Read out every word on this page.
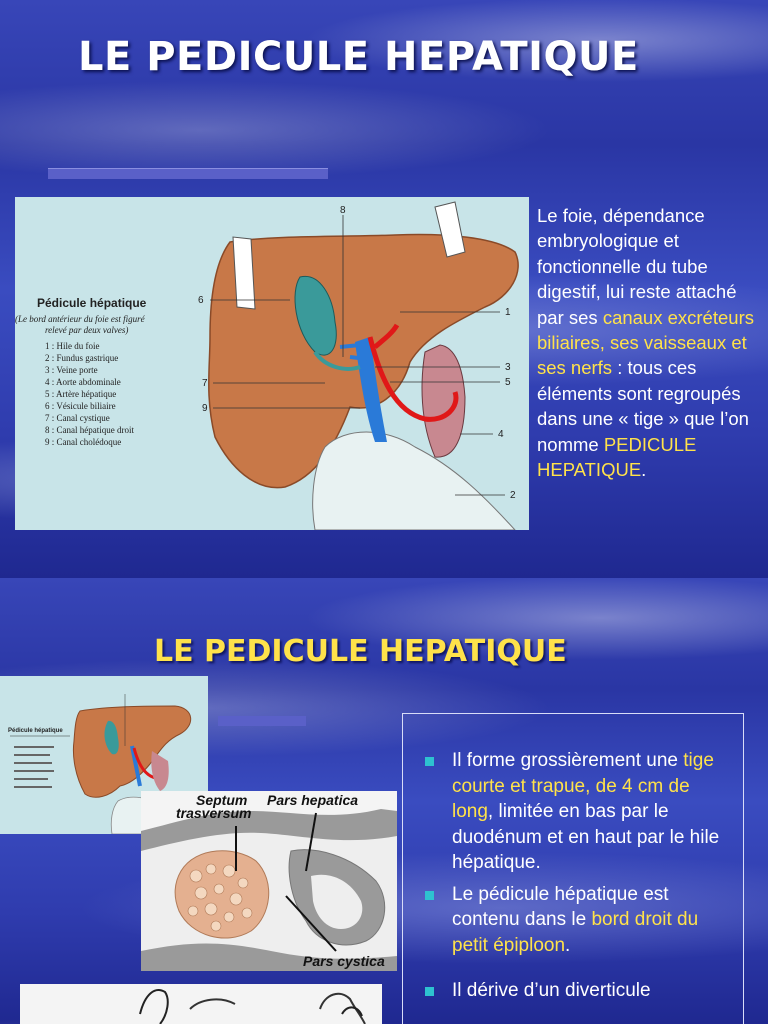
LE PEDICULE HEPATIQUE
8
6
1
3
5
7
9
4
2
Pédicule hépatique
(Le bord antérieur du foie est figuré
relevé par deux valves)
1 : Hile du foie
2 : Fundus gastrique
3 : Veine porte
4 : Aorte abdominale
5 : Artère hépatique
6 : Vésicule biliaire
7 : Canal cystique
8 : Canal hépatique droit
9 : Canal cholédoque
Le foie, dépendance embryologique et fonctionnelle du tube digestif, lui reste attaché par ses canaux excréteurs biliaires, ses vaisseaux et ses nerfs : tous ces éléments sont regroupés dans une « tige » que l’on nomme PEDICULE HEPATIQUE.
LE PEDICULE HEPATIQUE
Pédicule hépatique
Septum
trasversum
Pars hepatica
Pars cystica
Il forme grossièrement une tige courte et trapue, de 4 cm de long, limitée en bas par le duodénum et en haut par le hile hépatique.
Le pédicule hépatique est contenu dans le bord droit du petit épiploon.
Il dérive d’un diverticule
